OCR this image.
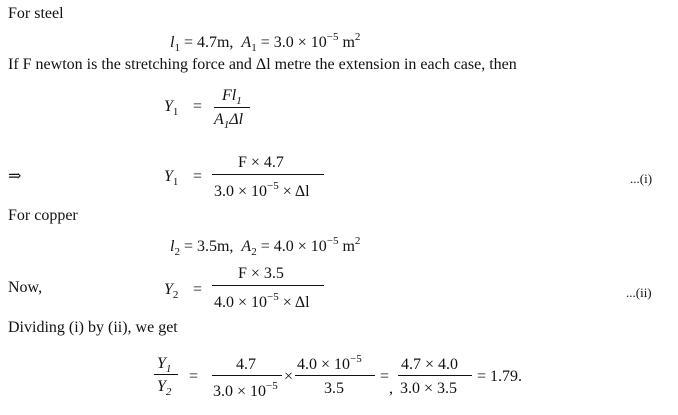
For steel
$l_1 = 4.7m$, $A_1 = 3.0 \times 10^{-5}$ $m^2$
If F newton is the stretching force and Δl metre the extension in each case, then
$Y_1$ =
$Fl_1$
$A_1\Delta l$
⇒	$Y_1$ =
F × 4.7
$3.0 \times 10^{-5} \times \Delta l$
...(i)
For copper
$l_2 = 3.5m$, $A_2 = 4.0 \times 10^{-5}$ $m^2$
Now,	$Y_2$ =
F × 3.5
$4.0 \times 10^{-5} \times \Delta l$
...(ii)
Dividing (i) by (ii), we get
$Y_1$
$Y_2$
=
4.7
$3.0 \times 10^{-5}$
×
$4.0 \times 10^{-5}$
3.5
=
4.7 × 4.0
, 3.0 × 3.5
= 1.79.
